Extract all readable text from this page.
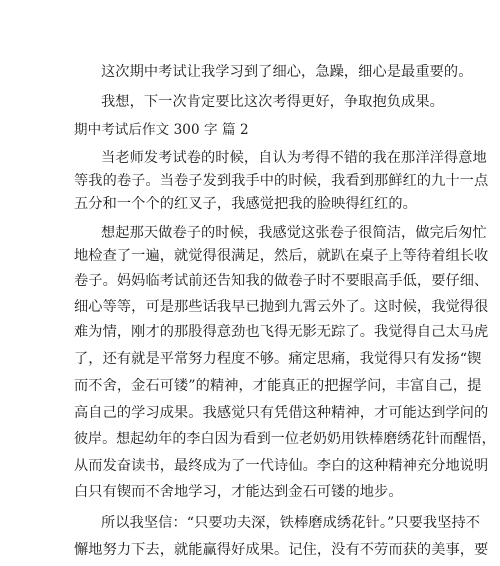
这次期中考试让我学习到了细心，急躁，细心是最重要的。
我想，下一次肯定要比这次考得更好，争取抱负成果。
期中考试后作文 300 字 篇 2
当老师发考试卷的时候，自认为考得不错的我在那洋洋得意地
等我的卷子。当卷子发到我手中的时候，我看到那鲜红的九十一点
五分和一个个的红叉子，我感觉把我的脸映得红红的。
想起那天做卷子的时候，我感觉这张卷子很简洁，做完后匆忙
地检查了一遍，就觉得很满足，然后，就趴在桌子上等待着组长收
卷子。妈妈临考试前还告知我的做卷子时不要眼高手低，要仔细、
细心等等，可是那些话我早已抛到九霄云外了。这时候，我觉得很
难为情，刚才的那股得意劲也飞得无影无踪了。我觉得自己太马虎
了，还有就是平常努力程度不够。痛定思痛，我觉得只有发扬“锲
而不舍，金石可镂”的精神，才能真正的把握学问，丰富自己，提
高自己的学习成果。我感觉只有凭借这种精神，才可能达到学问的
彼岸。想起幼年的李白因为看到一位老奶奶用铁棒磨绣花针而醒悟，
从而发奋读书，最终成为了一代诗仙。李白的这种精神充分地说明
白只有锲而不舍地学习，才能达到金石可镂的地步。
所以我坚信：“只要功夫深，铁棒磨成绣花针。”只要我坚持不
懈地努力下去，就能赢得好成果。记住，没有不劳而获的美事，要
